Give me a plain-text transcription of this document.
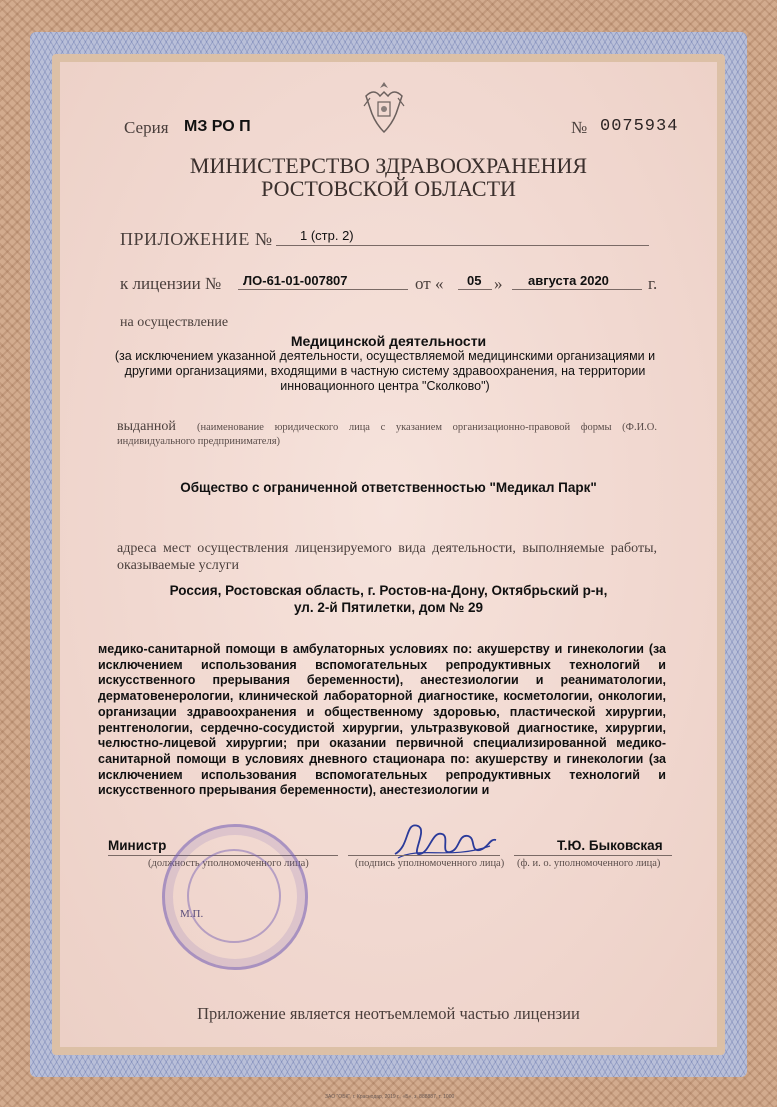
Серия МЗ РО П	№ 0075934
МИНИСТЕРСТВО ЗДРАВООХРАНЕНИЯ
РОСТОВСКОЙ ОБЛАСТИ
ПРИЛОЖЕНИЕ № 1 (стр. 2)
к лицензии № ЛО-61-01-007807	от « 05 » августа 2020 г.
на осуществление
Медицинской деятельности
(за исключением указанной деятельности, осуществляемой медицинскими организациями и другими организациями, входящими в частную систему здравоохранения, на территории инновационного центра "Сколково")
выданной	(наименование юридического лица с указанием организационно-правовой формы (Ф.И.О. индивидуального предпринимателя)
Общество с ограниченной ответственностью "Медикал Парк"
адреса мест осуществления лицензируемого вида деятельности, выполняемые работы, оказываемые услуги
Россия, Ростовская область, г. Ростов-на-Дону, Октябрьский р-н,
ул. 2-й Пятилетки, дом № 29
медико-санитарной помощи в амбулаторных условиях по: акушерству и гинекологии (за исключением использования вспомогательных репродуктивных технологий и искусственного прерывания беременности), анестезиологии и реаниматологии, дерматовенерологии, клинической лабораторной диагностике, косметологии, онкологии, организации здравоохранения и общественному здоровью, пластической хирургии, рентгенологии, сердечно-сосудистой хирургии, ультразвуковой диагностике, хирургии, челюстно-лицевой хирургии; при оказании первичной специализированной медико-санитарной помощи в условиях дневного стационара по: акушерству и гинекологии (за исключением использования вспомогательных репродуктивных технологий и искусственного прерывания беременности), анестезиологии и
Министр
(должность уполномоченного лица)	(подпись уполномоченного лица)
Т.Ю. Быковская
(ф. и. о. уполномоченного лица)
М.П.
Приложение является неотъемлемой частью лицензии
ЗАО "ОБК", г. Краснодар, 2019 г., «Б», з. 888887, т. 1000
